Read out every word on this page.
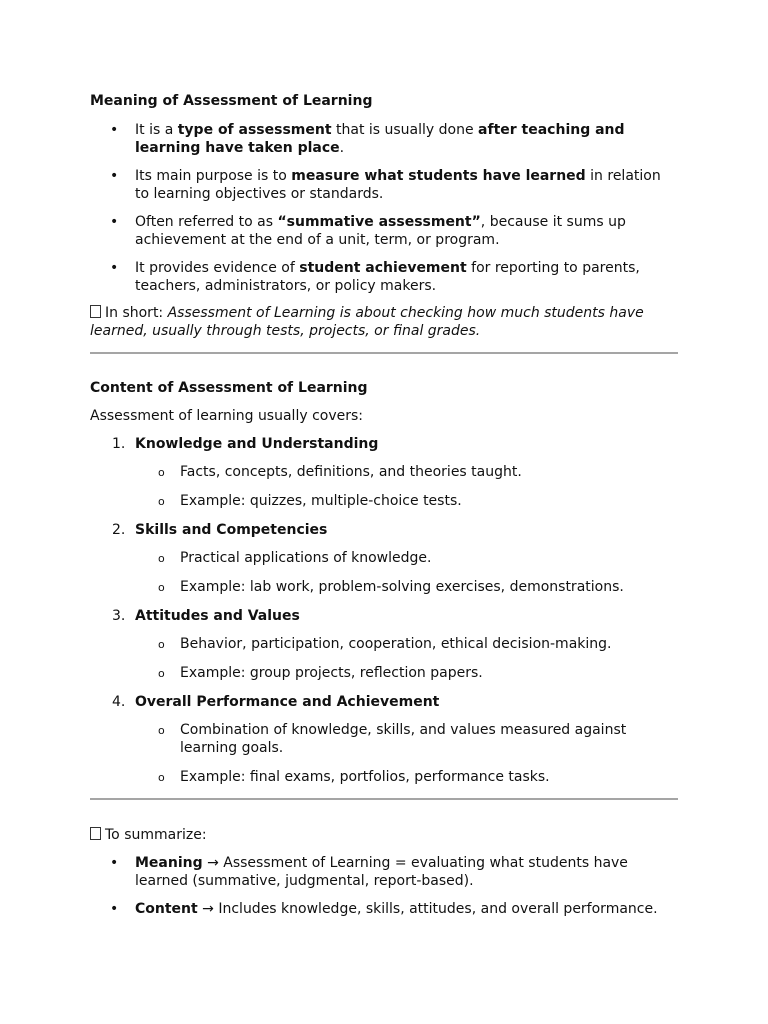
Meaning of Assessment of Learning
• It is a type of assessment that is usually done after teaching and learning have taken place.
• Its main purpose is to measure what students have learned in relation to learning objectives or standards.
• Often referred to as “summative assessment”, because it sums up achievement at the end of a unit, term, or program.
• It provides evidence of student achievement for reporting to parents, teachers, administrators, or policy makers.

In short: Assessment of Learning is about checking how much students have learned, usually through tests, projects, or final grades.

Content of Assessment of Learning

Assessment of learning usually covers:

1. Knowledge and Understanding
o Facts, concepts, definitions, and theories taught.
o Example: quizzes, multiple-choice tests.
2. Skills and Competencies
o Practical applications of knowledge.
o Example: lab work, problem-solving exercises, demonstrations.
3. Attitudes and Values
o Behavior, participation, cooperation, ethical decision-making.
o Example: group projects, reflection papers.
4. Overall Performance and Achievement
o Combination of knowledge, skills, and values measured against learning goals.
o Example: final exams, portfolios, performance tasks.

To summarize:

• Meaning → Assessment of Learning = evaluating what students have learned (summative, judgmental, report-based).
• Content → Includes knowledge, skills, attitudes, and overall performance.
